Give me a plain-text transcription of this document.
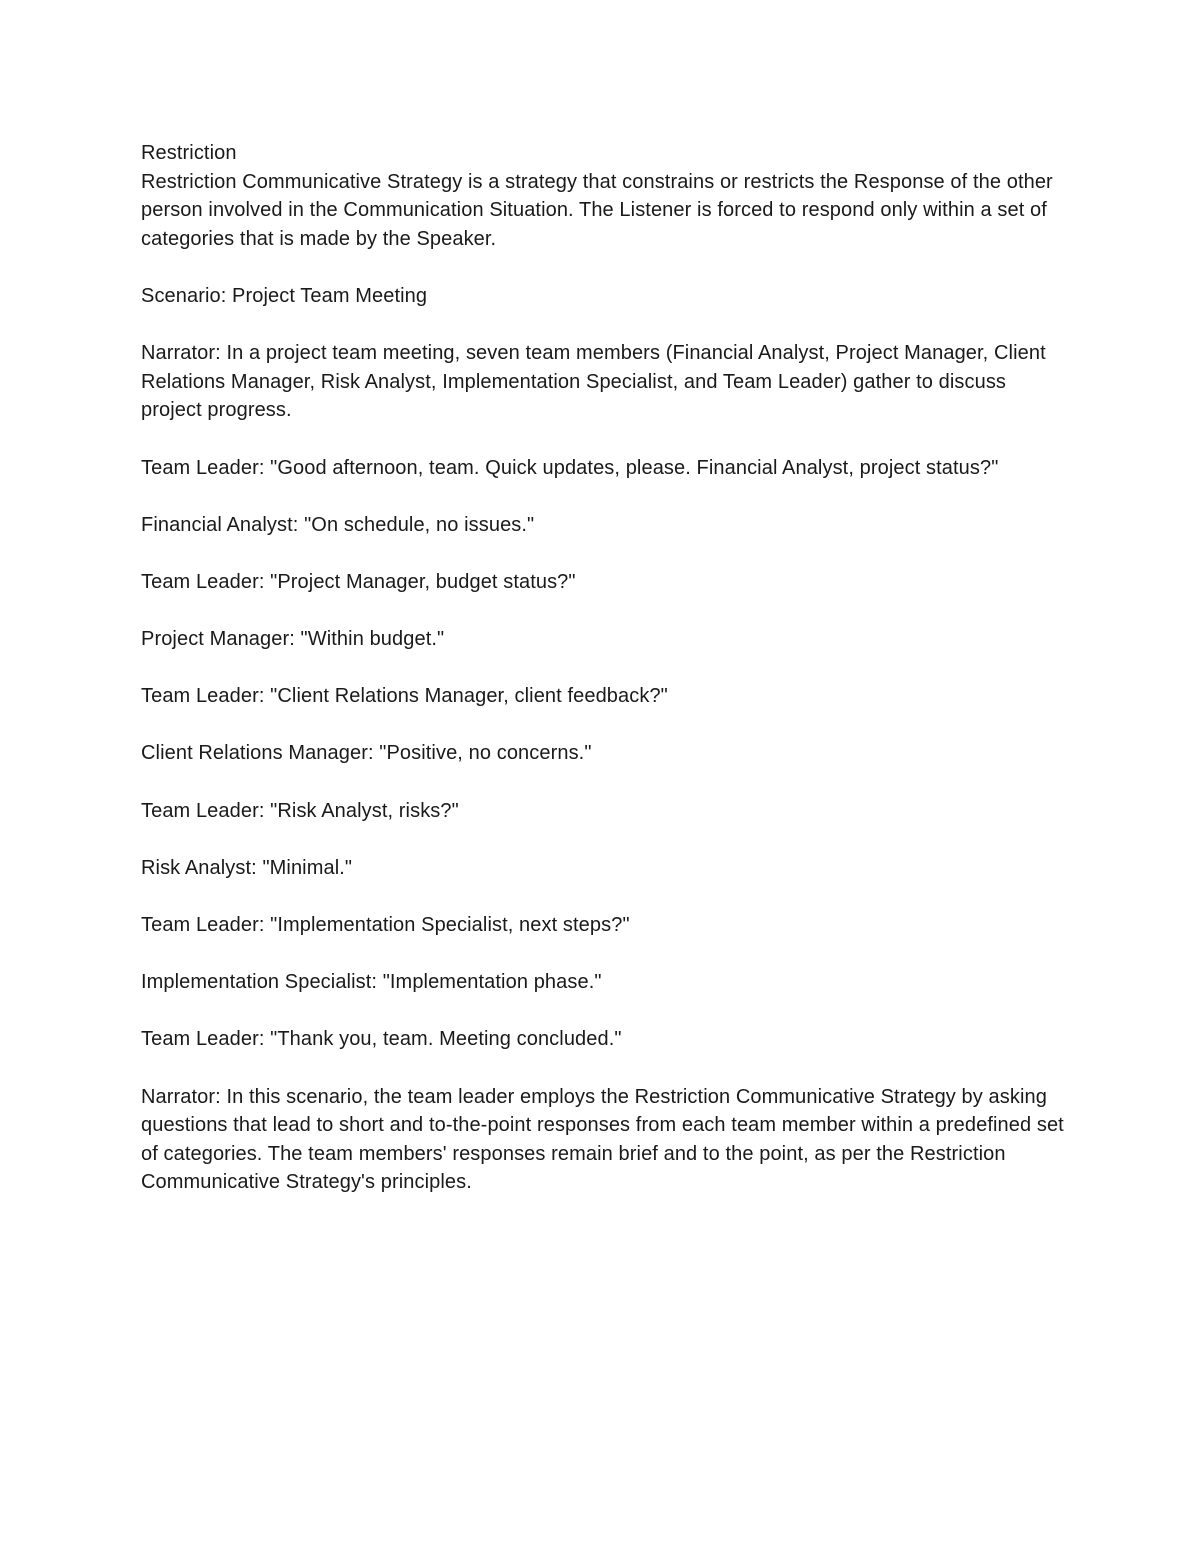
Restriction

Restriction Communicative Strategy is a strategy that constrains or restricts the Response of the other person involved in the Communication Situation. The Listener is forced to respond only within a set of categories that is made by the Speaker.

Scenario: Project Team Meeting

Narrator: In a project team meeting, seven team members (Financial Analyst, Project Manager, Client Relations Manager, Risk Analyst, Implementation Specialist, and Team Leader) gather to discuss project progress.

Team Leader: "Good afternoon, team. Quick updates, please. Financial Analyst, project status?"

Financial Analyst: "On schedule, no issues."

Team Leader: "Project Manager, budget status?"

Project Manager: "Within budget."

Team Leader: "Client Relations Manager, client feedback?"

Client Relations Manager: "Positive, no concerns."

Team Leader: "Risk Analyst, risks?"

Risk Analyst: "Minimal."

Team Leader: "Implementation Specialist, next steps?"

Implementation Specialist: "Implementation phase."

Team Leader: "Thank you, team. Meeting concluded."

Narrator: In this scenario, the team leader employs the Restriction Communicative Strategy by asking questions that lead to short and to-the-point responses from each team member within a predefined set of categories. The team members' responses remain brief and to the point, as per the Restriction Communicative Strategy's principles.
